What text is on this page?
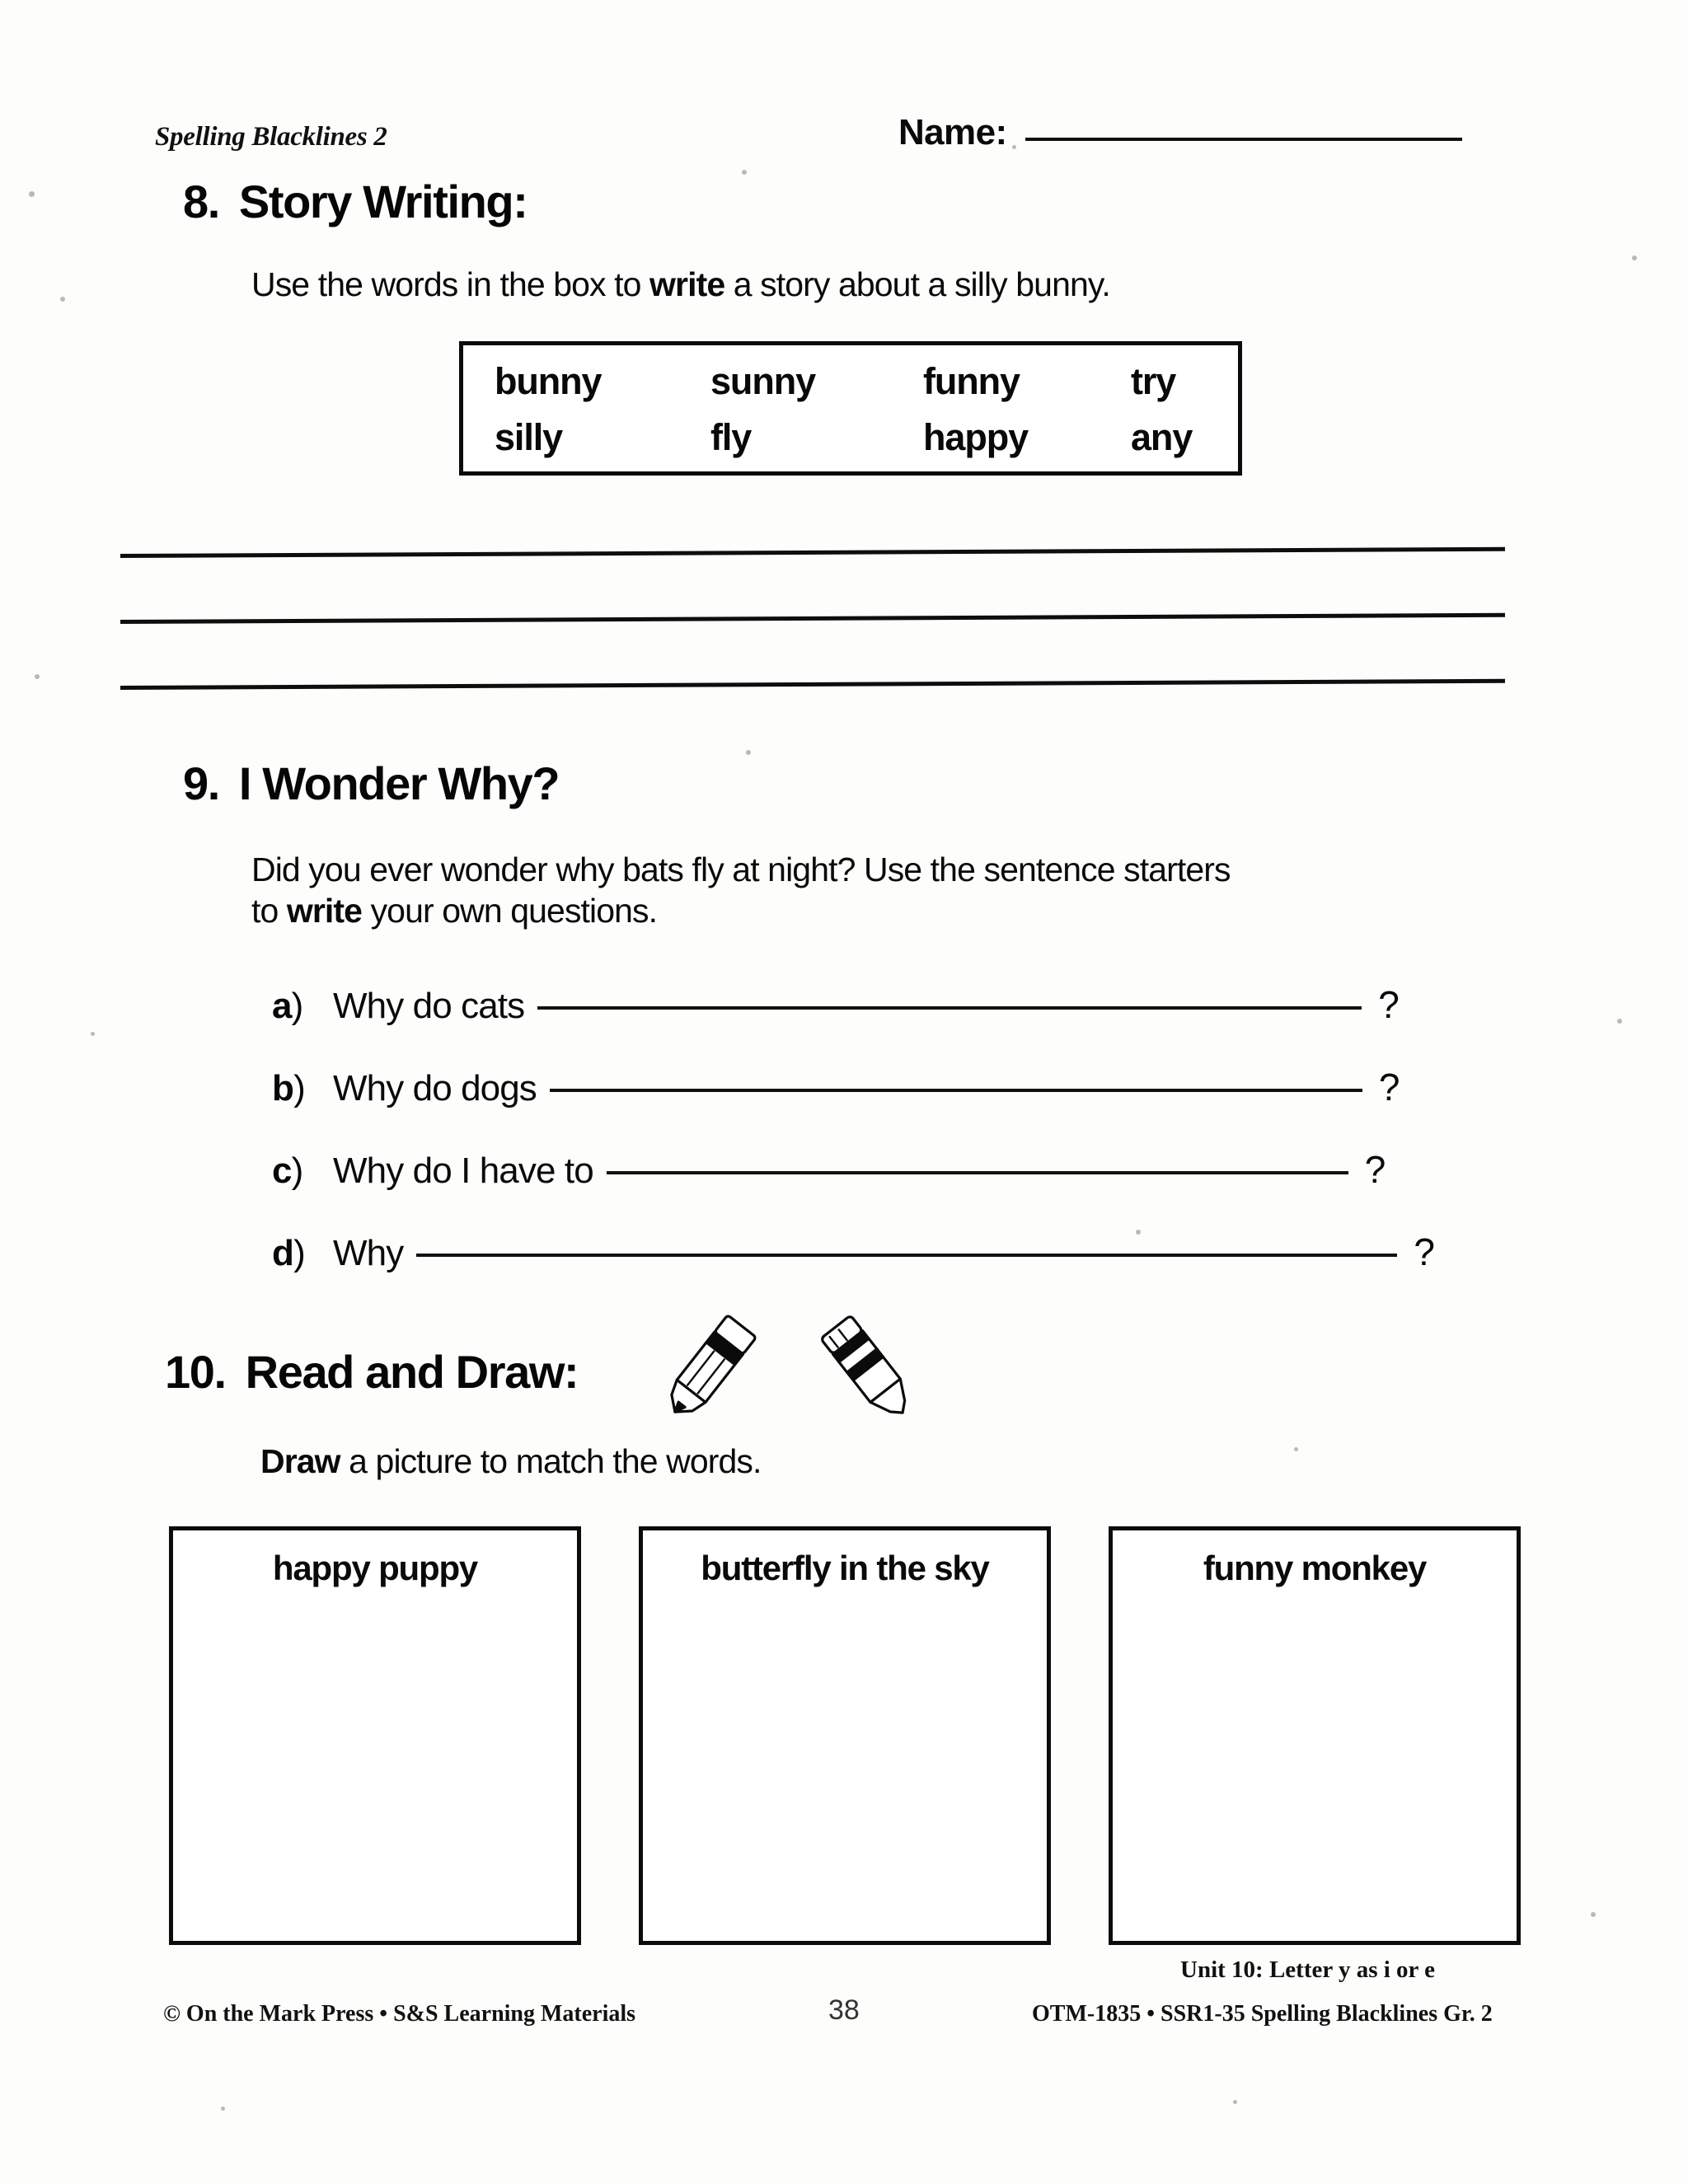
Spelling Blacklines 2	Name:
8. Story Writing:
Use the words in the box to write a story about a silly bunny.
bunny	sunny	funny	try
silly	fly	happy	any
9. I Wonder Why?
Did you ever wonder why bats fly at night? Use the sentence starters
to write your own questions.
a) Why do cats	?
b) Why do dogs	?
c) Why do I have to	?
d) Why	?
10. Read and Draw:
Draw a picture to match the words.
happy puppy	butterfly in the sky	funny monkey
Unit 10: Letter y as i or e
© On the Mark Press • S&S Learning Materials	38	OTM-1835 • SSR1-35 Spelling Blacklines Gr. 2
